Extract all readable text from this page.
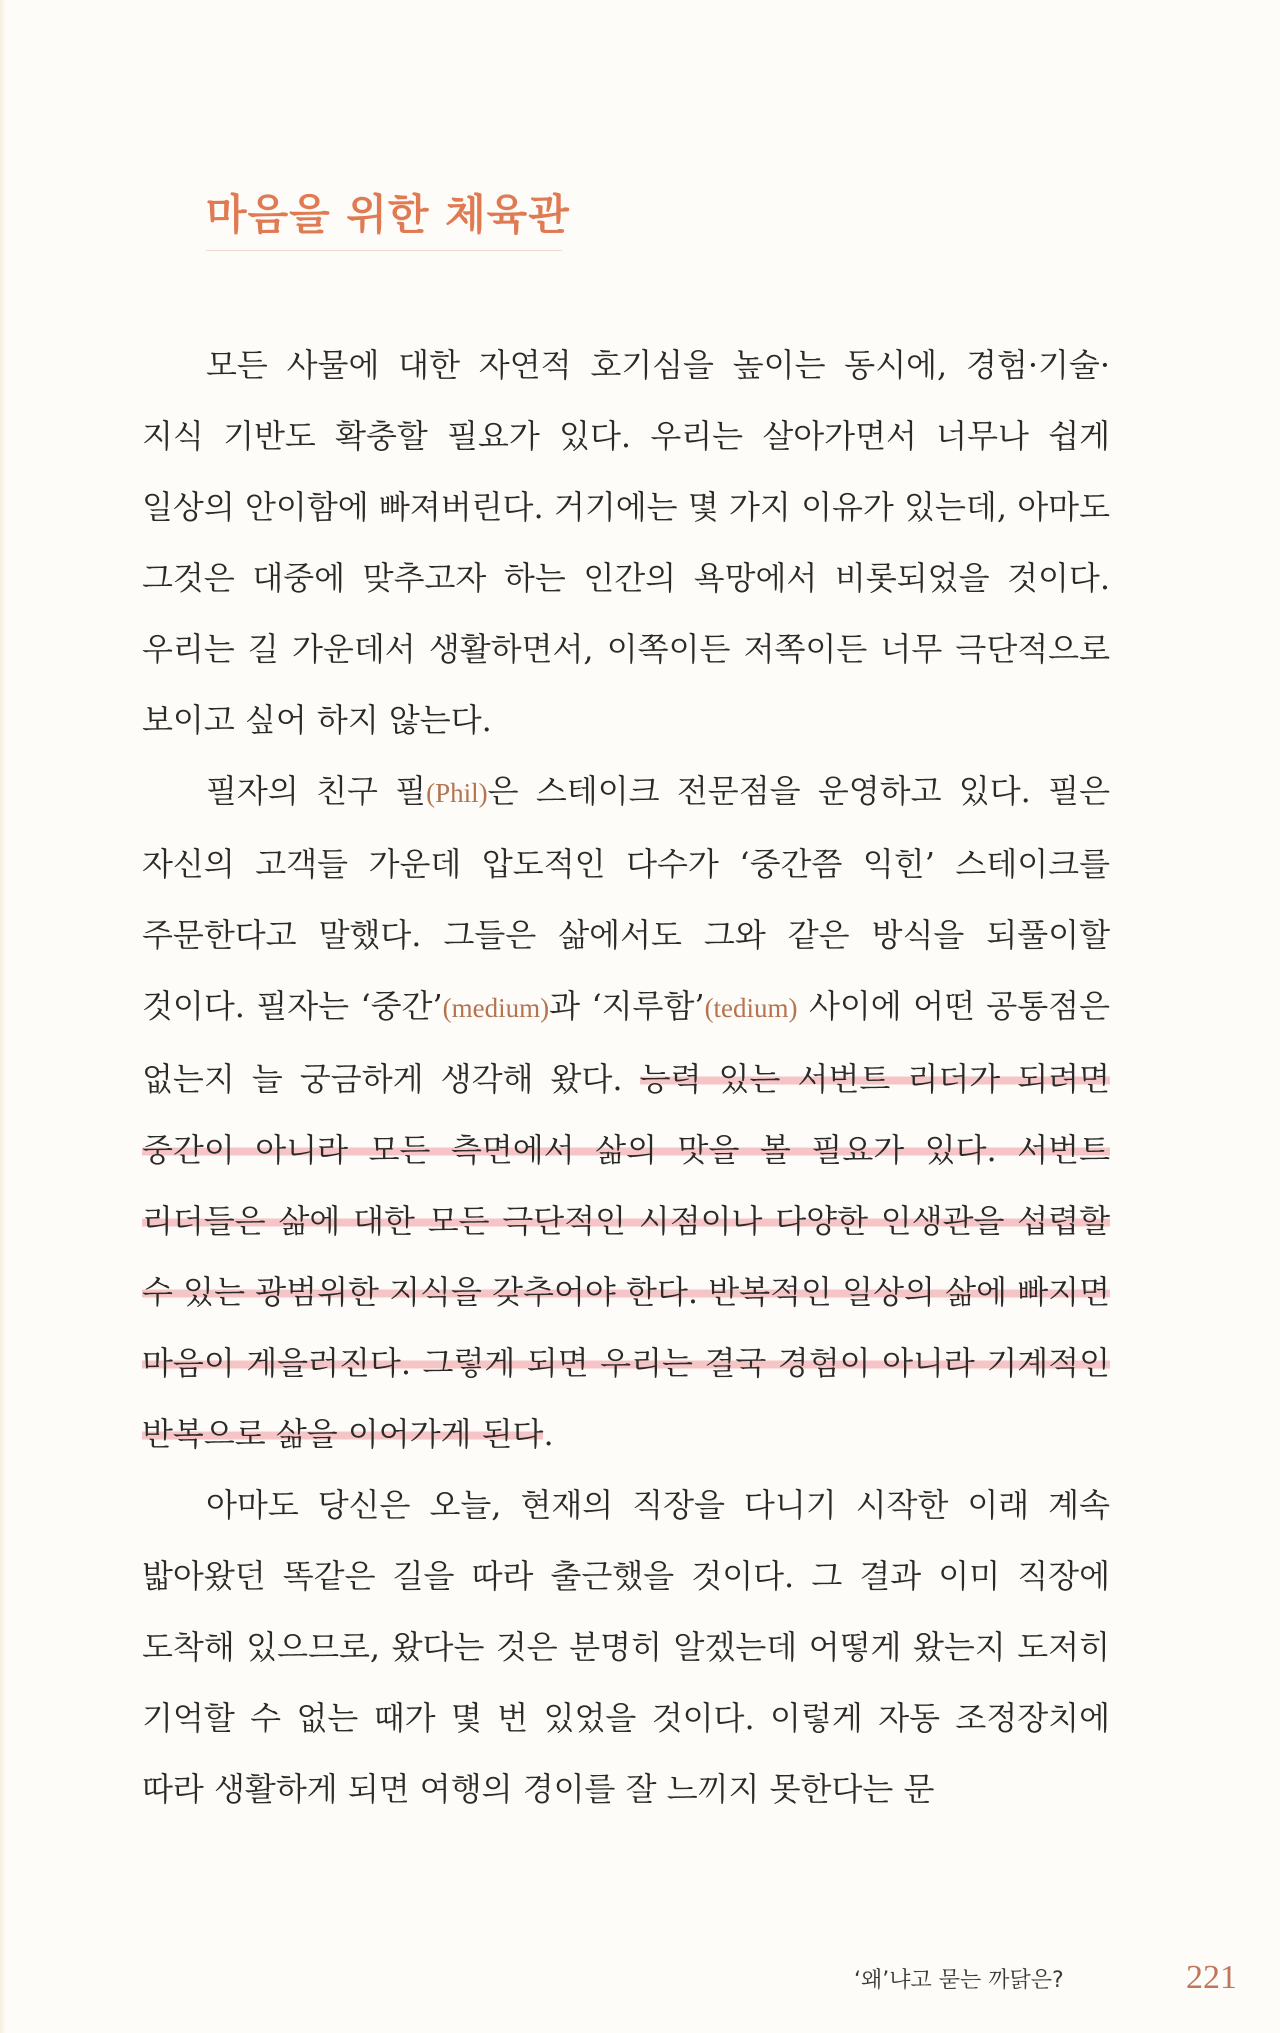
마음을 위한 체육관

모든 사물에 대한 자연적 호기심을 높이는 동시에, 경험·기술·지식 기반도 확충할 필요가 있다. 우리는 살아가면서 너무나 쉽게 일상의 안이함에 빠져버린다. 거기에는 몇 가지 이유가 있는데, 아마도 그것은 대중에 맞추고자 하는 인간의 욕망에서 비롯되었을 것이다. 우리는 길 가운데서 생활하면서, 이쪽이든 저쪽이든 너무 극단적으로 보이고 싶어 하지 않는다.

필자의 친구 필(Phil)은 스테이크 전문점을 운영하고 있다. 필은 자신의 고객들 가운데 압도적인 다수가 ‘중간쯤 익힌’ 스테이크를 주문한다고 말했다. 그들은 삶에서도 그와 같은 방식을 되풀이할 것이다. 필자는 ‘중간’(medium)과 ‘지루함’(tedium) 사이에 어떤 공통점은 없는지 늘 궁금하게 생각해 왔다. 능력 있는 서번트 리더가 되려면 중간이 아니라 모든 측면에서 삶의 맛을 볼 필요가 있다. 서번트 리더들은 삶에 대한 모든 극단적인 시점이나 다양한 인생관을 섭렵할 수 있는 광범위한 지식을 갖추어야 한다. 반복적인 일상의 삶에 빠지면 마음이 게을러진다. 그렇게 되면 우리는 결국 경험이 아니라 기계적인 반복으로 삶을 이어가게 된다.

아마도 당신은 오늘, 현재의 직장을 다니기 시작한 이래 계속 밟아왔던 똑같은 길을 따라 출근했을 것이다. 그 결과 이미 직장에 도착해 있으므로, 왔다는 것은 분명히 알겠는데 어떻게 왔는지 도저히 기억할 수 없는 때가 몇 번 있었을 것이다. 이렇게 자동 조정장치에 따라 생활하게 되면 여행의 경이를 잘 느끼지 못한다는 문

‘왜’냐고 묻는 까닭은?	221
